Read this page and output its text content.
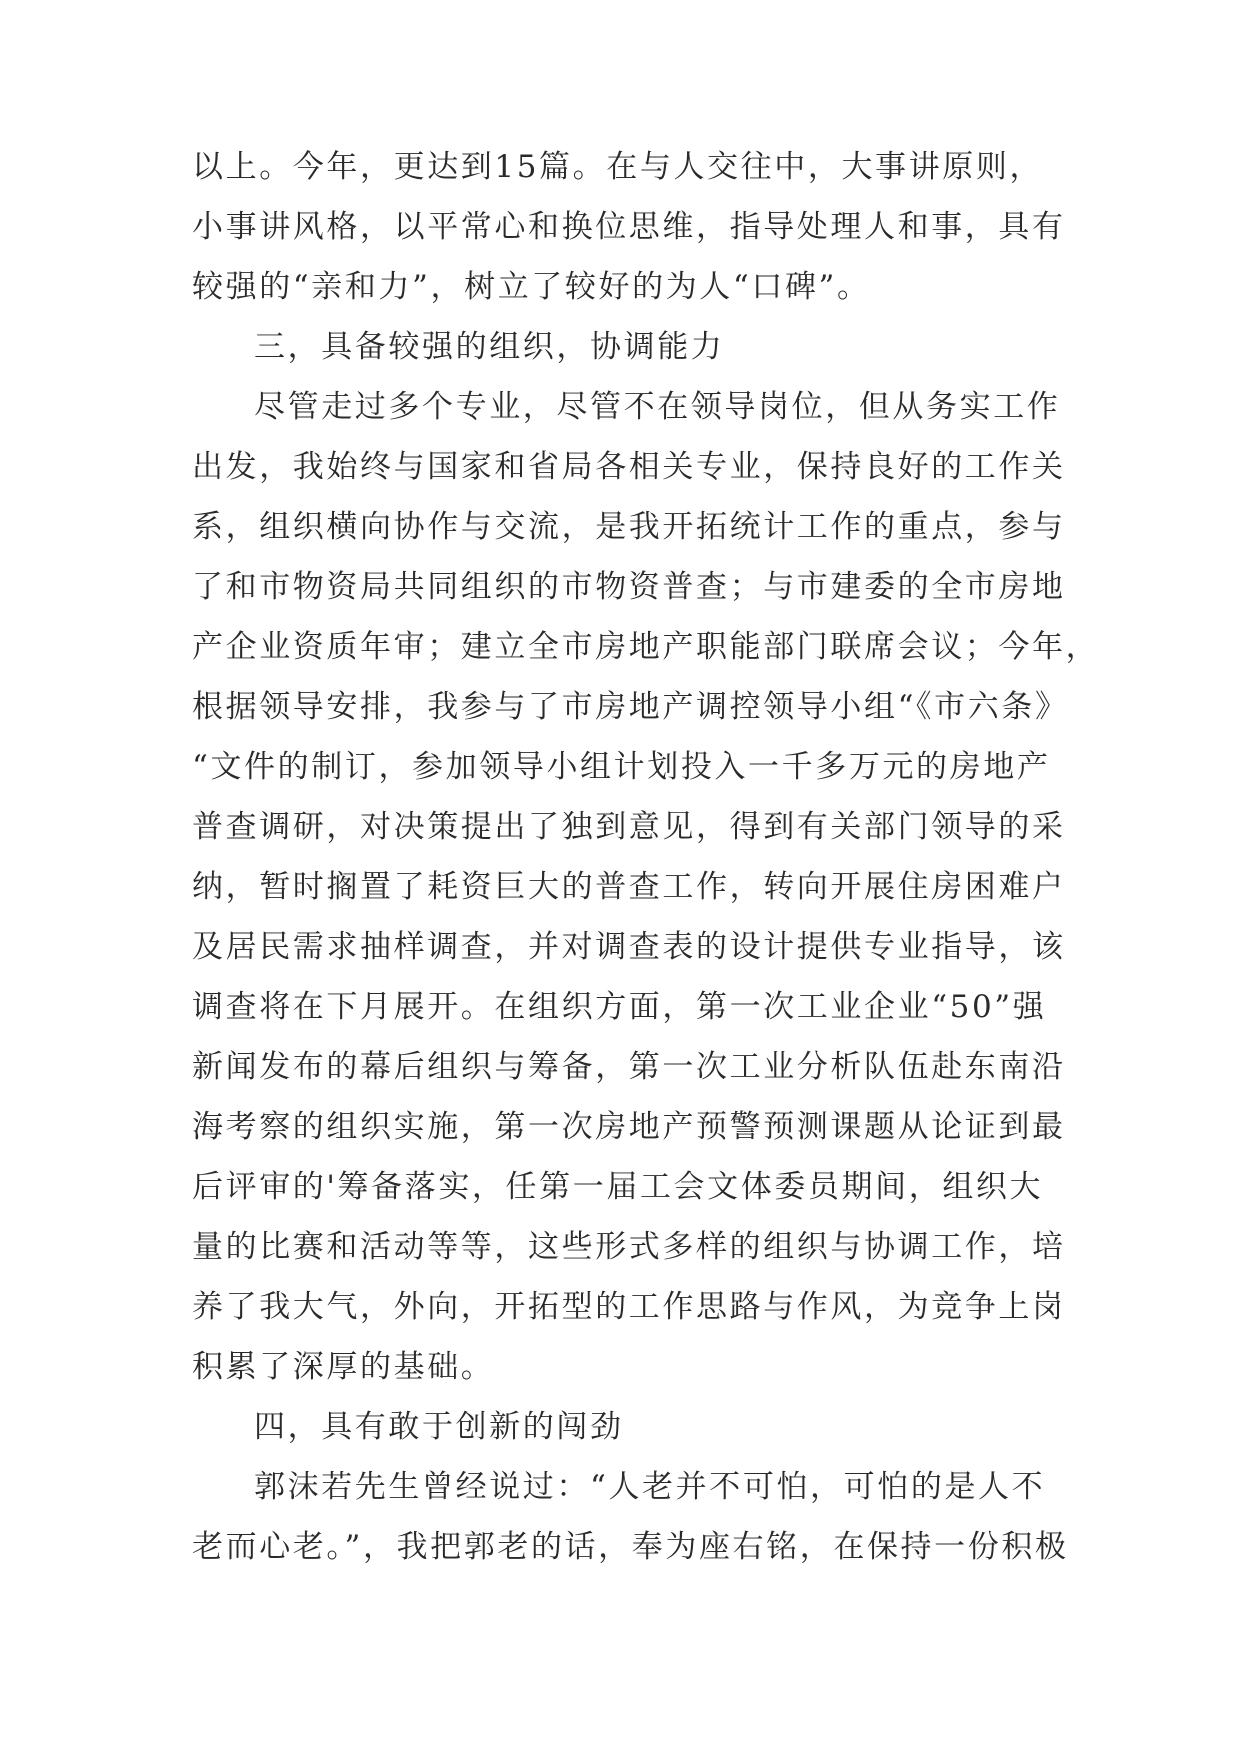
以上。今年，更达到15篇。在与人交往中，大事讲原则，
小事讲风格，以平常心和换位思维，指导处理人和事，具有
较强的“亲和力”，树立了较好的为人“口碑”。
三，具备较强的组织，协调能力
尽管走过多个专业，尽管不在领导岗位，但从务实工作
出发，我始终与国家和省局各相关专业，保持良好的工作关
系，组织横向协作与交流，是我开拓统计工作的重点，参与
了和市物资局共同组织的市物资普查；与市建委的全市房地
产企业资质年审；建立全市房地产职能部门联席会议；今年，
根据领导安排，我参与了市房地产调控领导小组“《市六条》
“文件的制订，参加领导小组计划投入一千多万元的房地产
普查调研，对决策提出了独到意见，得到有关部门领导的采
纳，暂时搁置了耗资巨大的普查工作，转向开展住房困难户
及居民需求抽样调查，并对调查表的设计提供专业指导，该
调查将在下月展开。在组织方面，第一次工业企业“50”强
新闻发布的幕后组织与筹备，第一次工业分析队伍赴东南沿
海考察的组织实施，第一次房地产预警预测课题从论证到最
后评审的'筹备落实，任第一届工会文体委员期间，组织大
量的比赛和活动等等，这些形式多样的组织与协调工作，培
养了我大气，外向，开拓型的工作思路与作风，为竞争上岗
积累了深厚的基础。
四，具有敢于创新的闯劲
郭沫若先生曾经说过：“人老并不可怕，可怕的是人不
老而心老。”，我把郭老的话，奉为座右铭，在保持一份积极
